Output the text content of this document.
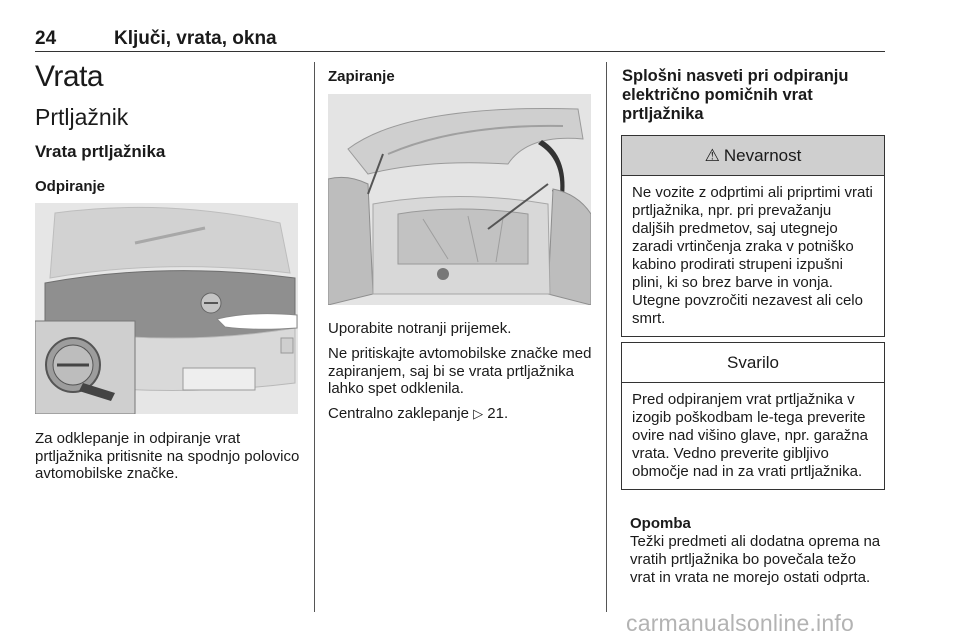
24	Ključi, vrata, okna
Vrata
Prtljažnik
Vrata prtljažnika
Odpiranje
Za odklepanje in odpiranje vrat prtljažnika pritisnite na spodnjo polovico avtomobilske značke.
Zapiranje
Uporabite notranji prijemek.
Ne pritiskajte avtomobilske značke med zapiranjem, saj bi se vrata prtljažnika lahko spet odklenila.
Centralno zaklepanje ▷ 21.
Splošni nasveti pri odpiranju električno pomičnih vrat prtljažnika
⚠ Nevarnost
Ne vozite z odprtimi ali priprtimi vrati prtljažnika, npr. pri prevažanju daljših predmetov, saj utegnejo zaradi vrtinčenja zraka v potniško kabino prodirati strupeni izpušni plini, ki so brez barve in vonja. Utegne povzročiti nezavest ali celo smrt.
Svarilo
Pred odpiranjem vrat prtljažnika v izogib poškodbam le-tega preverite ovire nad višino glave, npr. garažna vrata. Vedno preverite gibljivo območje nad in za vrati prtljažnika.
Opomba
Težki predmeti ali dodatna oprema na vratih prtljažnika bo povečala težo vrat in vrata ne morejo ostati odprta.
carmanualsonline.info
